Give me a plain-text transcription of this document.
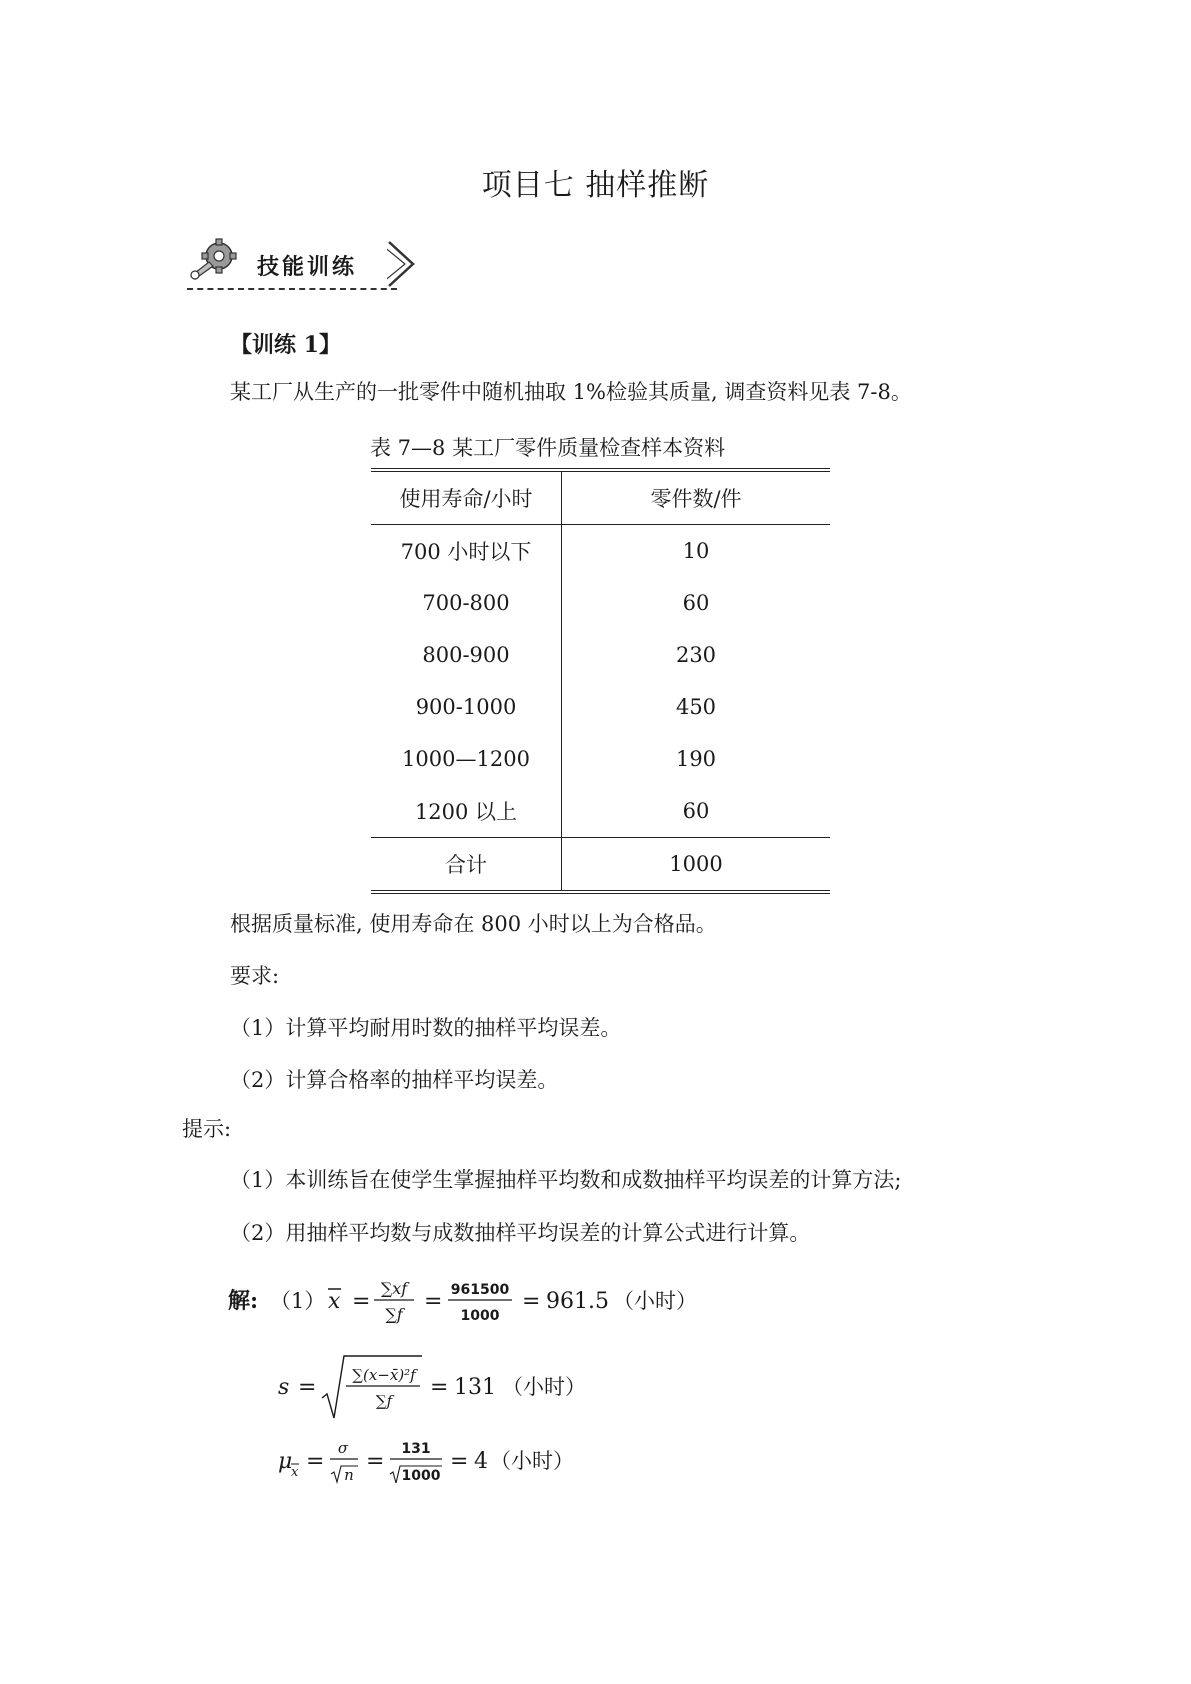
项目七 抽样推断
技能训练
【训练 1】
某工厂从生产的一批零件中随机抽取 1%检验其质量, 调查资料见表 7-8。
表 7—8 某工厂零件质量检查样本资料
使用寿命/小时	零件数/件
700 小时以下	10
700-800	60
800-900	230
900-1000	450
1000—1200	190
1200 以上	60
合计	1000
根据质量标准, 使用寿命在 800 小时以上为合格品。
要求:
（1）计算平均耐用时数的抽样平均误差。
（2）计算合格率的抽样平均误差。
提示:
（1）本训练旨在使学生掌握抽样平均数和成数抽样平均误差的计算方法;
（2）用抽样平均数与成数抽样平均误差的计算公式进行计算。
解: （1） x =
∑xf
∑f
= 961500
1000
= 961.5 （小时）
s = ∑(x−x̄)²f
∑f
= 131 （小时）
μ
x =
σ
n
= 131
1000
= 4 （小时）
